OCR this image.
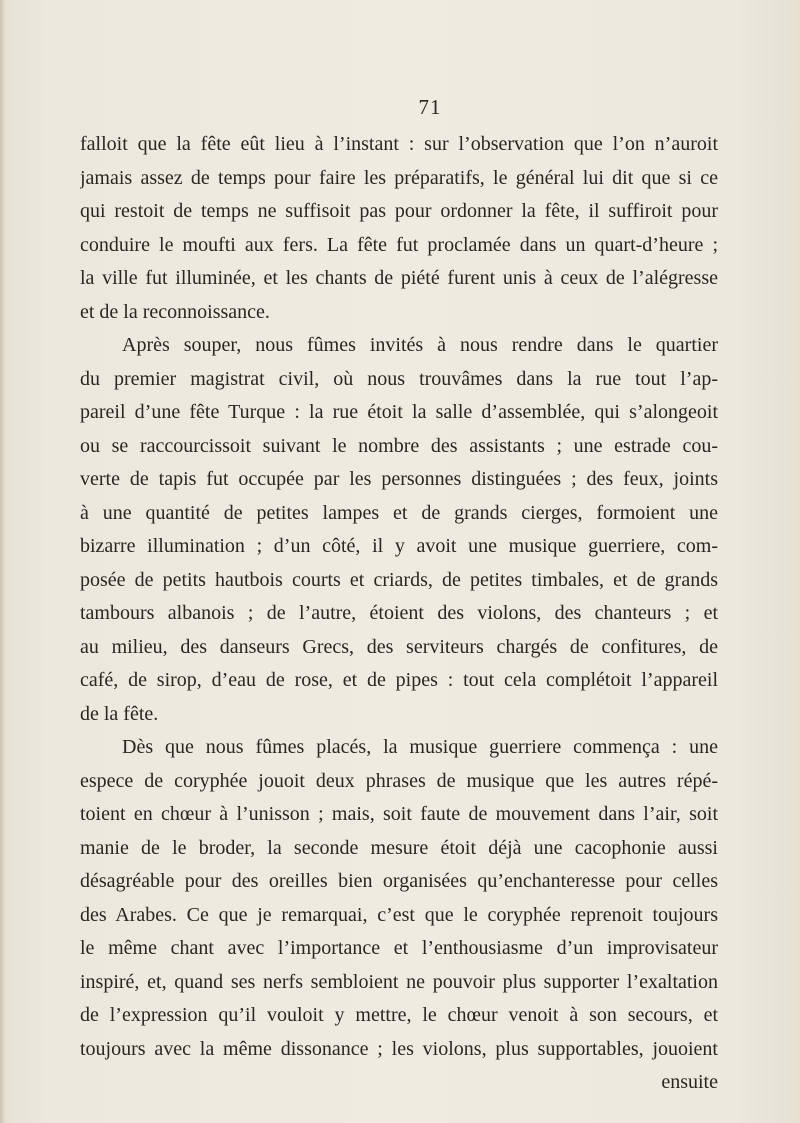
71
falloit que la fête eût lieu à l’instant : sur l’observation que l’on n’auroit
jamais assez de temps pour faire les préparatifs, le général lui dit que si ce
qui restoit de temps ne suffisoit pas pour ordonner la fête, il suffiroit pour
conduire le moufti aux fers. La fête fut proclamée dans un quart-d’heure ;
la ville fut illuminée, et les chants de piété furent unis à ceux de l’alégresse
et de la reconnoissance.
Après souper, nous fûmes invités à nous rendre dans le quartier
du premier magistrat civil, où nous trouvâmes dans la rue tout l’ap-
pareil d’une fête Turque : la rue étoit la salle d’assemblée, qui s’alongeoit
ou se raccourcissoit suivant le nombre des assistants ; une estrade cou-
verte de tapis fut occupée par les personnes distinguées ; des feux, joints
à une quantité de petites lampes et de grands cierges, formoient une
bizarre illumination ; d’un côté, il y avoit une musique guerriere, com-
posée de petits hautbois courts et criards, de petites timbales, et de grands
tambours albanois ; de l’autre, étoient des violons, des chanteurs ; et
au milieu, des danseurs Grecs, des serviteurs chargés de confitures, de
café, de sirop, d’eau de rose, et de pipes : tout cela complétoit l’appareil
de la fête.
Dès que nous fûmes placés, la musique guerriere commença : une
espece de coryphée jouoit deux phrases de musique que les autres répé-
toient en chœur à l’unisson ; mais, soit faute de mouvement dans l’air, soit
manie de le broder, la seconde mesure étoit déjà une cacophonie aussi
désagréable pour des oreilles bien organisées qu’enchanteresse pour celles
des Arabes. Ce que je remarquai, c’est que le coryphée reprenoit toujours
le même chant avec l’importance et l’enthousiasme d’un improvisateur
inspiré, et, quand ses nerfs sembloient ne pouvoir plus supporter l’exaltation
de l’expression qu’il vouloit y mettre, le chœur venoit à son secours, et
toujours avec la même dissonance ; les violons, plus supportables, jouoient
ensuite
